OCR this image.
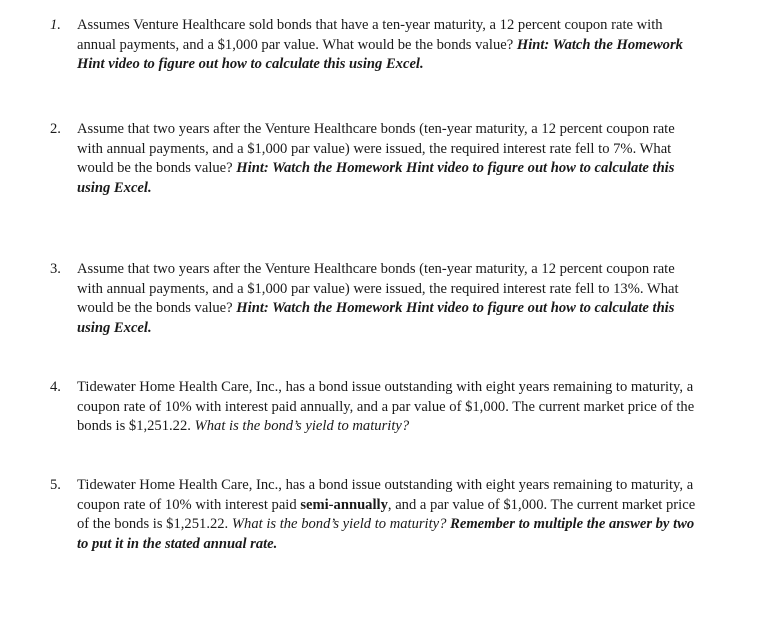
1. Assumes Venture Healthcare sold bonds that have a ten-year maturity, a 12 percent coupon rate with annual payments, and a $1,000 par value. What would be the bonds value? Hint: Watch the Homework Hint video to figure out how to calculate this using Excel.
2. Assume that two years after the Venture Healthcare bonds (ten-year maturity, a 12 percent coupon rate with annual payments, and a $1,000 par value) were issued, the required interest rate fell to 7%. What would be the bonds value? Hint: Watch the Homework Hint video to figure out how to calculate this using Excel.
3. Assume that two years after the Venture Healthcare bonds (ten-year maturity, a 12 percent coupon rate with annual payments, and a $1,000 par value) were issued, the required interest rate fell to 13%. What would be the bonds value? Hint: Watch the Homework Hint video to figure out how to calculate this using Excel.
4. Tidewater Home Health Care, Inc., has a bond issue outstanding with eight years remaining to maturity, a coupon rate of 10% with interest paid annually, and a par value of $1,000. The current market price of the bonds is $1,251.22. What is the bond’s yield to maturity?
5. Tidewater Home Health Care, Inc., has a bond issue outstanding with eight years remaining to maturity, a coupon rate of 10% with interest paid semi-annually, and a par value of $1,000. The current market price of the bonds is $1,251.22. What is the bond’s yield to maturity? Remember to multiple the answer by two to put it in the stated annual rate.
